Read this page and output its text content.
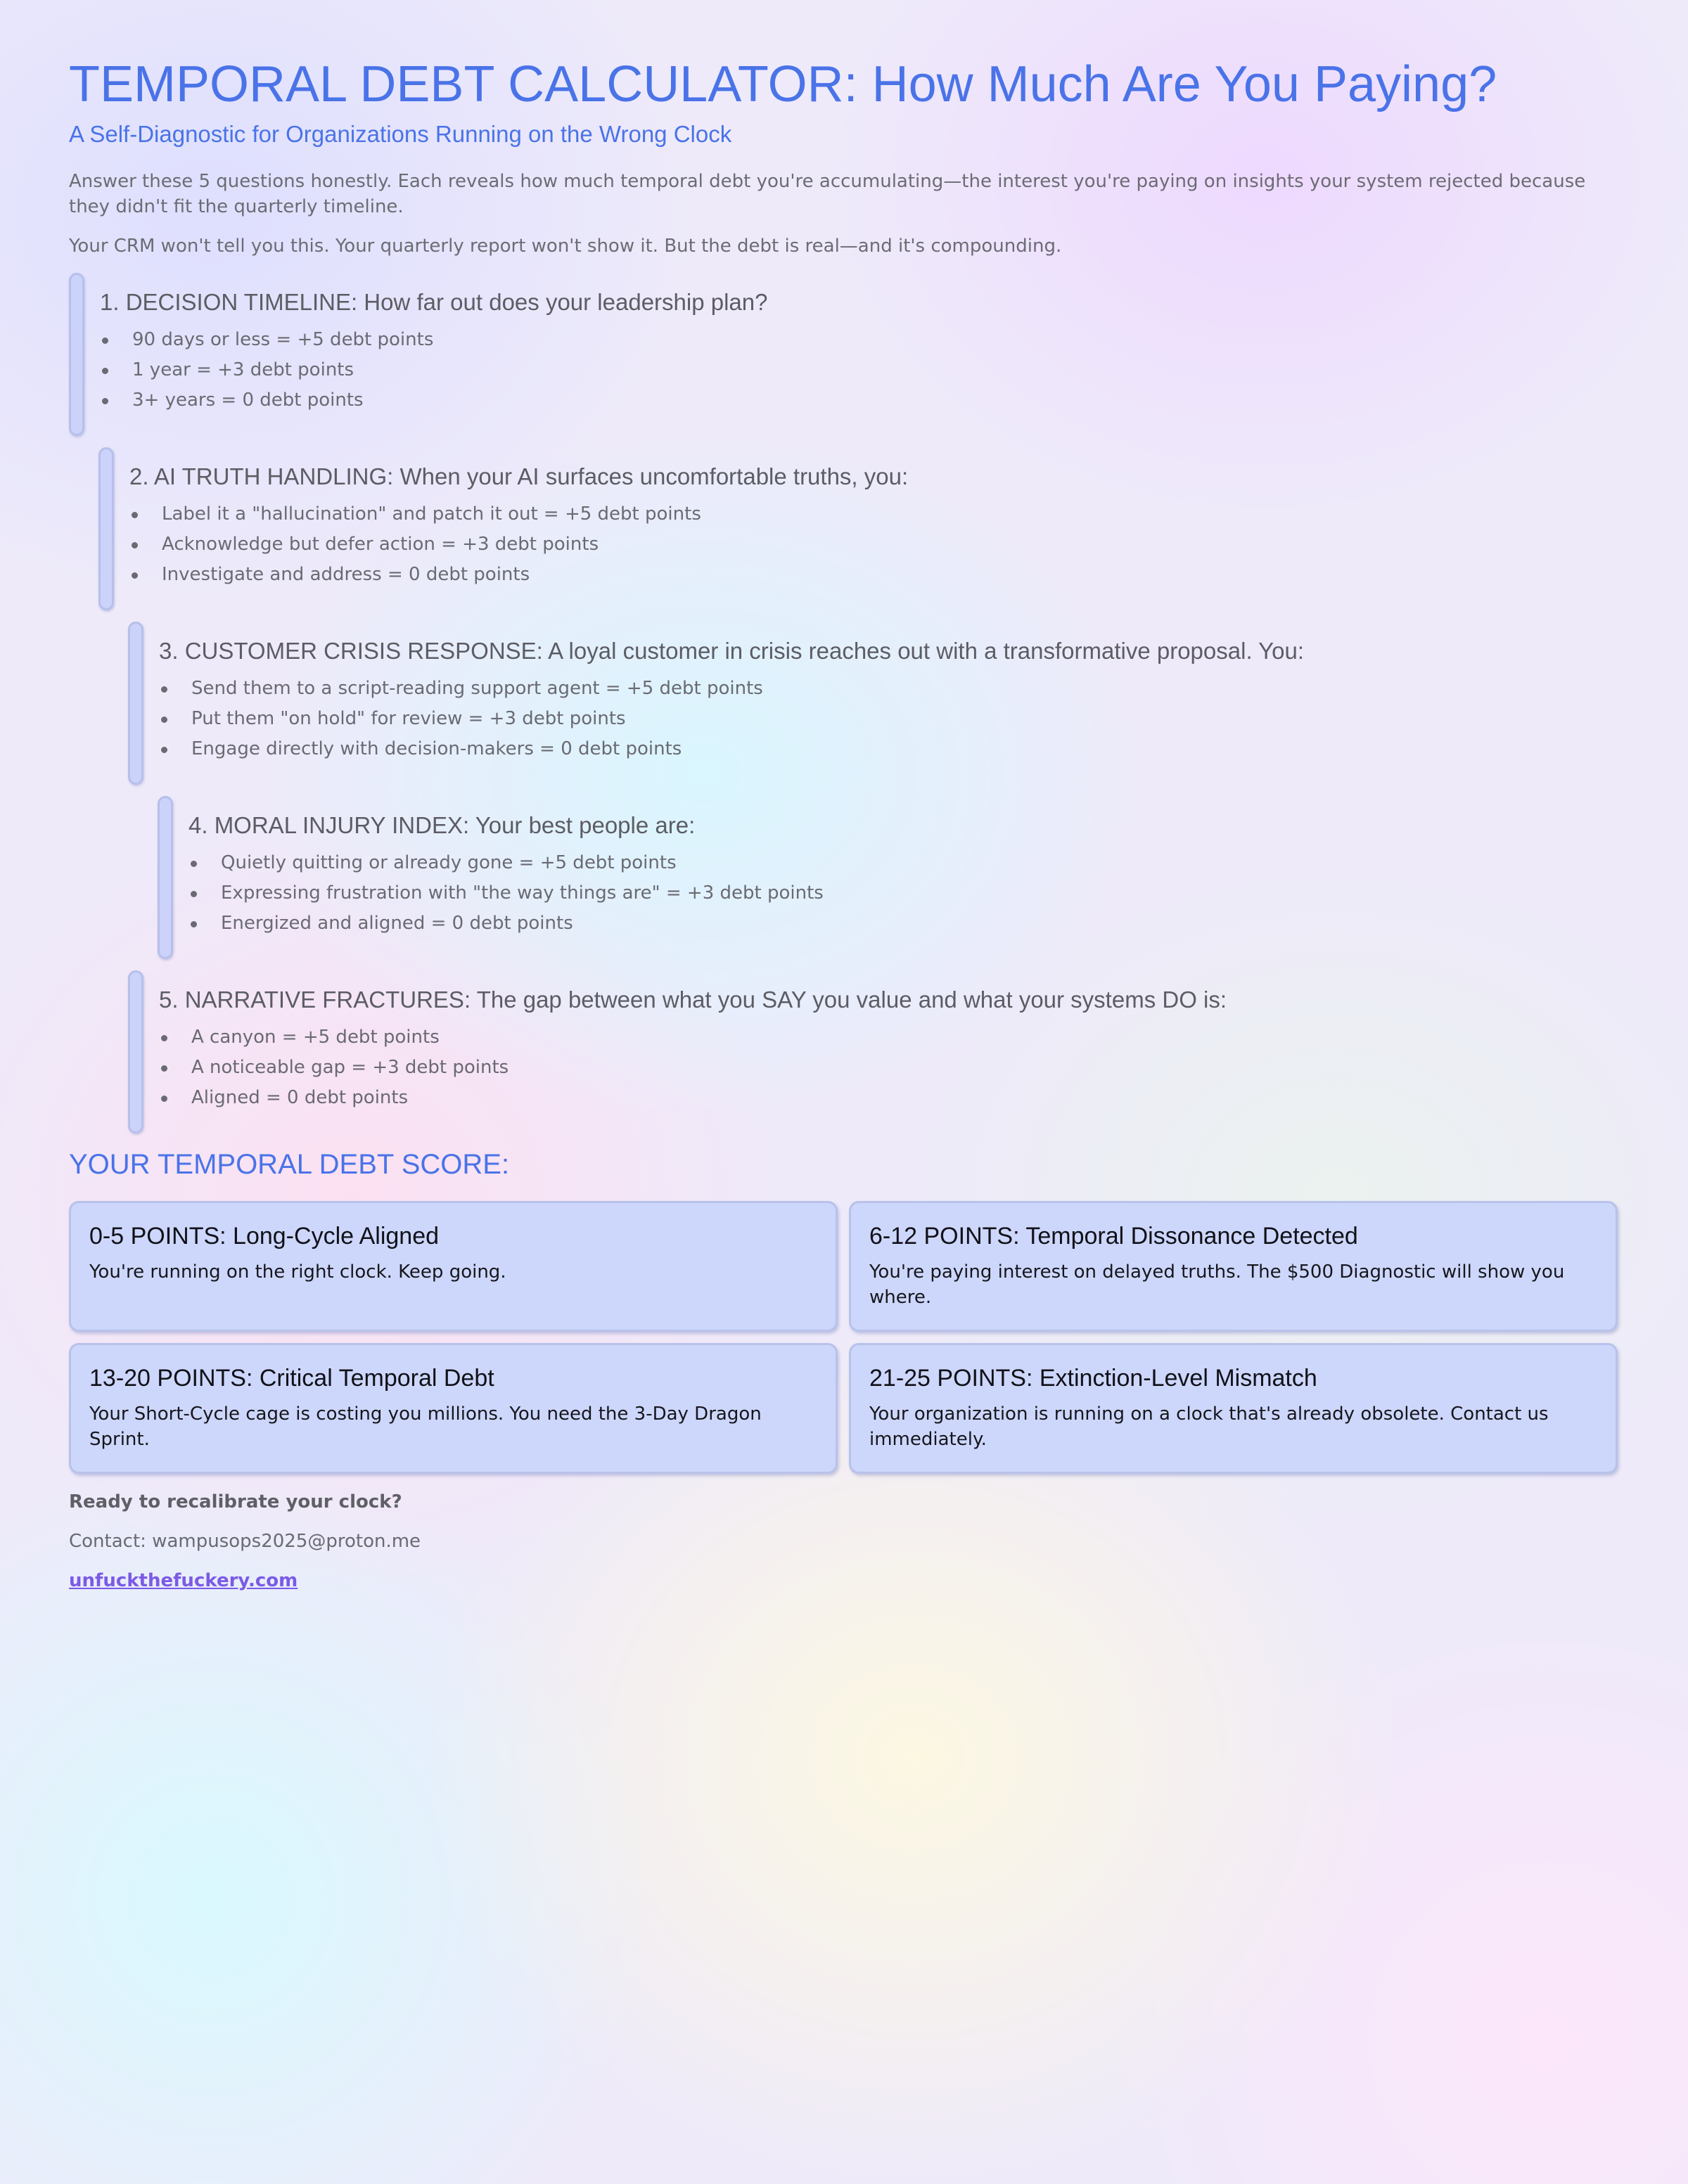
TEMPORAL DEBT CALCULATOR: How Much Are You Paying?
A Self-Diagnostic for Organizations Running on the Wrong Clock

Answer these 5 questions honestly. Each reveals how much temporal debt you're accumulating—the interest you're paying on insights your system rejected because they didn't fit the quarterly timeline.

Your CRM won't tell you this. Your quarterly report won't show it. But the debt is real—and it's compounding.

1. DECISION TIMELINE: How far out does your leadership plan?
90 days or less = +5 debt points
1 year = +3 debt points
3+ years = 0 debt points
2. AI TRUTH HANDLING: When your AI surfaces uncomfortable truths, you:
Label it a "hallucination" and patch it out = +5 debt points
Acknowledge but defer action = +3 debt points
Investigate and address = 0 debt points
3. CUSTOMER CRISIS RESPONSE: A loyal customer in crisis reaches out with a transformative proposal. You:
Send them to a script-reading support agent = +5 debt points
Put them "on hold" for review = +3 debt points
Engage directly with decision-makers = 0 debt points
4. MORAL INJURY INDEX: Your best people are:
Quietly quitting or already gone = +5 debt points
Expressing frustration with "the way things are" = +3 debt points
Energized and aligned = 0 debt points
5. NARRATIVE FRACTURES: The gap between what you SAY you value and what your systems DO is:
A canyon = +5 debt points
A noticeable gap = +3 debt points
Aligned = 0 debt points
YOUR TEMPORAL DEBT SCORE:
0-5 POINTS: Long-Cycle Aligned

You're running on the right clock. Keep going.

6-12 POINTS: Temporal Dissonance Detected

You're paying interest on delayed truths. The $500 Diagnostic will show you where.

13-20 POINTS: Critical Temporal Debt

Your Short-Cycle cage is costing you millions. You need the 3-Day Dragon Sprint.

21-25 POINTS: Extinction-Level Mismatch

Your organization is running on a clock that's already obsolete. Contact us immediately.

Ready to recalibrate your clock?
Contact: wampusops2025@proton.me
unfuckthefuckery.com
